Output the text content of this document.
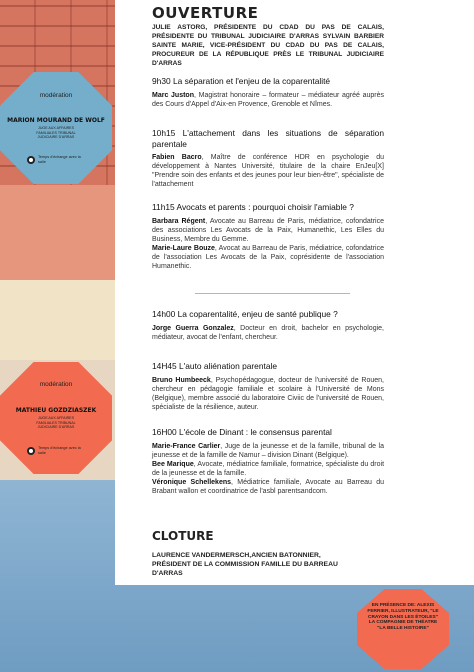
OUVERTURE
JULIE ASTORG, PRÉSIDENTE DU CDAD DU PAS DE CALAIS, PRÉSIDENTE DU TRIBUNAL JUDICIAIRE D'ARRAS SYLVAIN BARBIER SAINTE MARIE, VICE-PRÉSIDENT DU CDAD DU PAS DE CALAIS, PROCUREUR DE LA RÉPUBLIQUE PRÈS LE TRIBUNAL JUDICIAIRE D'ARRAS
9h30 La séparation et l'enjeu de la coparentalité
Marc Juston, Magistrat honoraire – formateur – médiateur agréé auprès des Cours d'Appel d'Aix-en Provence, Grenoble et Nîmes.
10h15 L'attachement dans les situations de séparation parentale
Fabien Bacro, Maître de conférence HDR en psychologie du développement à Nantes Université, titulaire de la chaire EnJeu[X] "Prendre soin des enfants et des jeunes pour leur bien-être", spécialiste de l'attachement
11h15 Avocats et parents : pourquoi choisir l'amiable ?
Barbara Régent, Avocate au Barreau de Paris, médiatrice, cofondatrice des associations Les Avocats de la Paix, Humanethic, Les Elles du Business, Membre du Gemme.
Marie-Laure Bouze, Avocat au Barreau de Paris, médiatrice, cofondatrice de l'association Les Avocats de la Paix, coprésidente de l'association Humanethic.
14h00 La coparentalité, enjeu de santé publique ?
Jorge Guerra Gonzalez, Docteur en droit, bachelor en psychologie, médiateur, avocat de l'enfant, chercheur.
14H45 L'auto aliénation parentale
Bruno Humbeeck, Psychopédagogue, docteur de l'université de Rouen, chercheur en pédagogie familiale et scolaire à l'Université de Mons (Belgique), membre associé du laboratoire Civiic de l'université de Rouen, spécialiste de la résilience, auteur.
16H00 L'école de Dinant : le consensus parental
Marie-France Carlier, Juge de la jeunesse et de la famille, tribunal de la jeunesse et de la famille de Namur – division Dinant (Belgique).
Bee Marique, Avocate, médiatrice familiale, formatrice, spécialiste du droit de la jeunesse et de la famille.
Véronique Schellekens, Médiatrice familiale, Avocate au Barreau du Brabant wallon et coordinatrice de l'asbl parentsandcom.
CLOTURE
LAURENCE VANDERMERSCH,ANCIEN BATONNIER, PRÉSIDENT DE LA COMMISSION FAMILLE DU BARREAU D'ARRAS
modération
MARION MOURAND DE WOLF
JUGE AUX AFFAIRES FAMILIALES TRIBUNAL JUDICIAIRE D'ARRAS
Temps d'échange avec la salle
modération
MATHIEU GOZDZIASZEK
JUGE AUX AFFAIRES FAMILIALES TRIBUNAL JUDICIAIRE D'ARRAS
Temps d'échange avec la salle
EN PRÉSENCE DE: ALEXIS FERRIER, ILLUSTRATEUR, "LE CRAYON DANS LES ÉTOILES" LA COMPAGNIE DE THÉATRE "LA BELLE HISTOIRE"
